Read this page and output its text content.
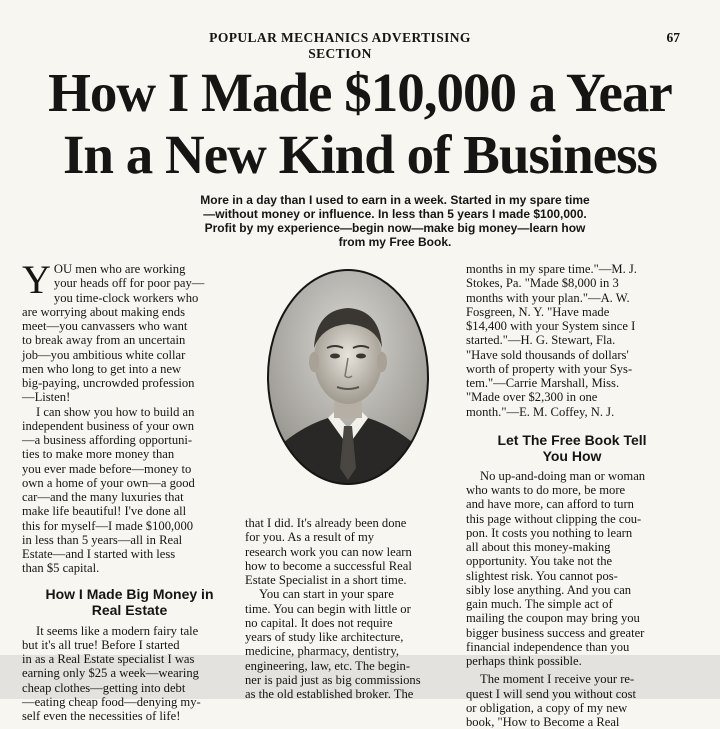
POPULAR MECHANICS ADVERTISING SECTION
67
How I Made $10,000 a Year
In a New Kind of Business
More in a day than I used to earn in a week. Started in my spare time
—without money or influence. In less than 5 years I made $100,000.
Profit by my experience—begin now—make big money—learn how
from my Free Book.
Y OU men who are working
your heads off for poor pay—
you time-clock workers who
are worrying about making ends
meet—you canvassers who want
to break away from an uncertain
job—you ambitious white collar
men who long to get into a new
big-paying, uncrowded profession
—Listen!
I can show you how to build an
independent business of your own
—a business affording opportuni-
ties to make more money than
you ever made before—money to
own a home of your own—a good
car—and the many luxuries that
make life beautiful! I've done all
this for myself—I made $100,000
in less than 5 years—all in Real
Estate—and I started with less
than $5 capital.
How I Made Big Money in
Real Estate
It seems like a modern fairy tale
but it's all true! Before I started
in as a Real Estate specialist I was
earning only $25 a week—wearing
cheap clothes—getting into debt
—eating cheap food—denying my-
self even the necessities of life!
that I did. It's already been done
for you. As a result of my
research work you can now learn
how to become a successful Real
Estate Specialist in a short time.
You can start in your spare
time. You can begin with little or
no capital. It does not require
years of study like architecture,
medicine, pharmacy, dentistry,
engineering, law, etc. The begin-
ner is paid just as big commissions
as the old established broker. The
months in my spare time."—M. J.
Stokes, Pa. "Made $8,000 in 3
months with your plan."—A. W.
Fosgreen, N. Y. "Have made
$14,400 with your System since I
started."—H. G. Stewart, Fla.
"Have sold thousands of dollars'
worth of property with your Sys-
tem."—Carrie Marshall, Miss.
"Made over $2,300 in one
month."—E. M. Coffey, N. J.
Let The Free Book Tell
You How
No up-and-doing man or woman
who wants to do more, be more
and have more, can afford to turn
this page without clipping the cou-
pon. It costs you nothing to learn
all about this money-making
opportunity. You take not the
slightest risk. You cannot pos-
sibly lose anything. And you can
gain much. The simple act of
mailing the coupon may bring you
bigger business success and greater
financial independence than you
perhaps think possible.
The moment I receive your re-
quest I will send you without cost
or obligation, a copy of my new
book, "How to Become a Real
